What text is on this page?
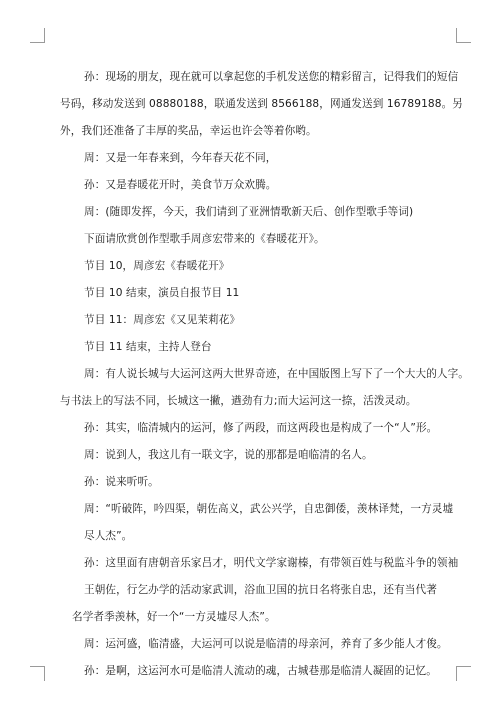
孙：现场的朋友，现在就可以拿起您的手机发送您的精彩留言，记得我们的短信
号码，移动发送到 08880188，联通发送到 8566188，网通发送到 16789188。另
外，我们还准备了丰厚的奖品，幸运也许会等着你哟。
周：又是一年春来到，今年春天花不同，
孙：又是春暖花开时，美食节万众欢腾。
周：(随即发挥，今天，我们请到了亚洲情歌新天后、创作型歌手等词)
下面请欣赏创作型歌手周彦宏带来的《春暖花开》。
节目 10，周彦宏《春暖花开》
节目 10 结束，演员自报节目 11
节目 11：周彦宏《又见茉莉花》
节目 11 结束，主持人登台
周：有人说长城与大运河这两大世界奇迹，在中国版图上写下了一个大大的人字。
与书法上的写法不同，长城这一撇，遒劲有力;而大运河这一捺，活泼灵动。
孙：其实，临清城内的运河，修了两段，而这两段也是构成了一个“人”形。
周：说到人，我这儿有一联文字，说的那都是咱临清的名人。
孙：说来听听。
周：“听破阵，吟四渠，朝佐高义，武公兴学，自忠御倭，羡林译梵，一方灵墟
尽人杰”。
孙：这里面有唐朝音乐家吕才，明代文学家谢榛，有带领百姓与税监斗争的领袖
王朝佐，行乞办学的活动家武训，浴血卫国的抗日名将张自忠，还有当代著
名学者季羡林，好一个“一方灵墟尽人杰”。
周：运河盛，临清盛，大运河可以说是临清的母亲河，养育了多少能人才俊。
孙：是啊，这运河水可是临清人流动的魂，古城巷那是临清人凝固的记忆。
